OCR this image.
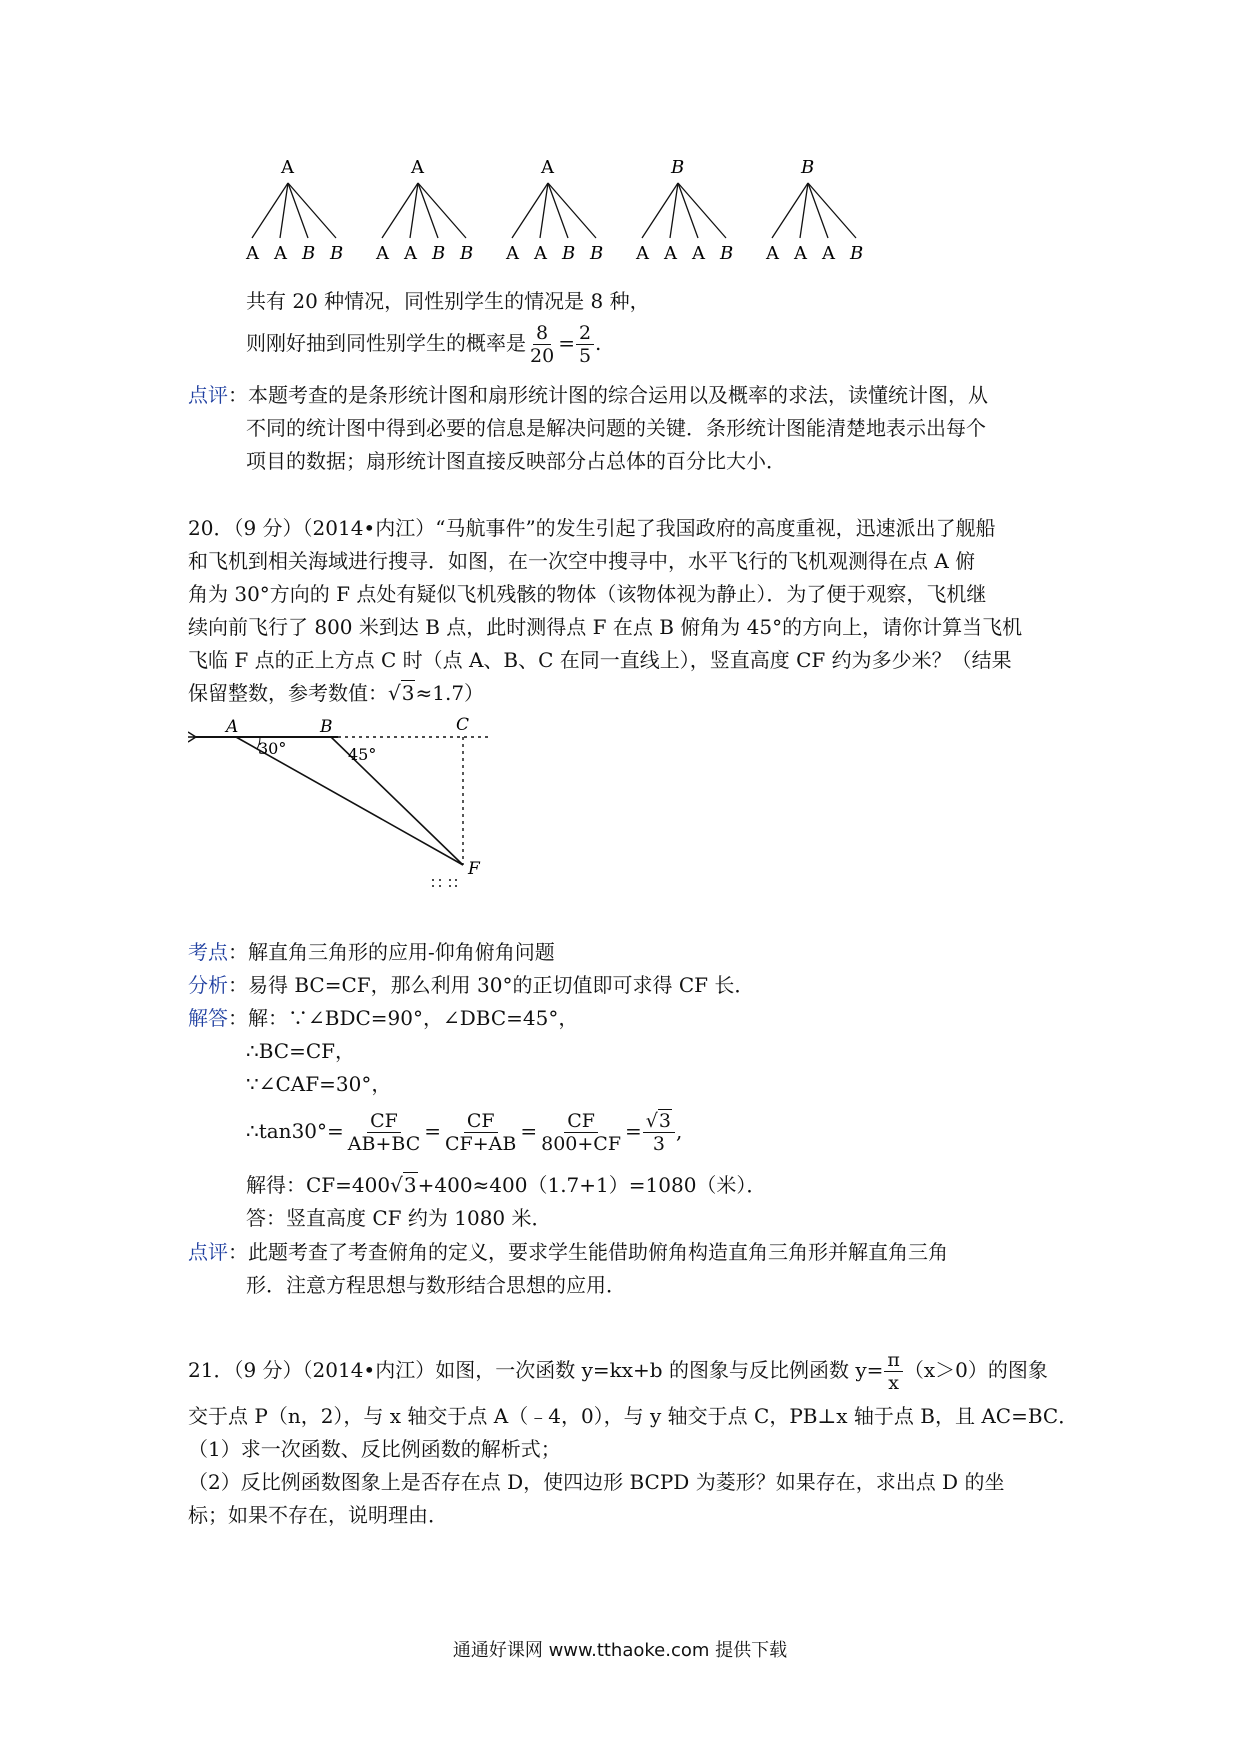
A
A A B B
A
A A B B
A
A A B B
B
A A A B
B
A A A B
共有 20 种情况，同性别学生的情况是 8 种，
则刚好抽到同性别学生的概率是 $\frac{8}{20} = \frac{2}{5}$ .
点评：本题考查的是条形统计图和扇形统计图的综合运用以及概率的求法，读懂统计图，从
不同的统计图中得到必要的信息是解决问题的关键．条形统计图能清楚地表示出每个
项目的数据；扇形统计图直接反映部分占总体的百分比大小．
20．（9 分）（2014•内江）“马航事件”的发生引起了我国政府的高度重视，迅速派出了舰船
和飞机到相关海域进行搜寻．如图，在一次空中搜寻中，水平飞行的飞机观测得在点 A 俯
角为 30°方向的 F 点处有疑似飞机残骸的物体（该物体视为静止）．为了便于观察，飞机继
续向前飞行了 800 米到达 B 点，此时测得点 F 在点 B 俯角为 45°的方向上，请你计算当飞机
飞临 F 点的正上方点 C 时（点 A、B、C 在同一直线上），竖直高度 CF 约为多少米？（结果
保留整数，参考数值：√3≈1.7）
A	B	C
F
30°	45°
考点：解直角三角形的应用-仰角俯角问题
分析：易得 BC=CF，那么利用 30°的正切值即可求得 CF 长．
解答：解：∵∠BDC=90°，∠DBC=45°，
∴BC=CF，
∵∠CAF=30°，
∴tan30°= $\frac{CF}{AB+BC} = \frac{CF}{CF+AB} = \frac{CF}{800+CF} = \frac{√3}{3}$ ,
解得：CF=400√3+400≈400（1.7+1）=1080（米）．
答：竖直高度 CF 约为 1080 米．
点评：此题考查了考查俯角的定义，要求学生能借助俯角构造直角三角形并解直角三角
形．注意方程思想与数形结合思想的应用．
21．（9 分）（2014•内江）如图，一次函数 y=kx+b 的图象与反比例函数 $y= \frac{\pi}{x} (x>0)$的图象
交于点 P（n，2），与 x 轴交于点 A（﹣4，0），与 y 轴交于点 C，PB⊥x 轴于点 B，且 AC=BC．
（1）求一次函数、反比例函数的解析式；
（2）反比例函数图象上是否存在点 D，使四边形 BCPD 为菱形？如果存在，求出点 D 的坐
标；如果不存在，说明理由．
通通好课网 www.tthaoke.com 提供下载
